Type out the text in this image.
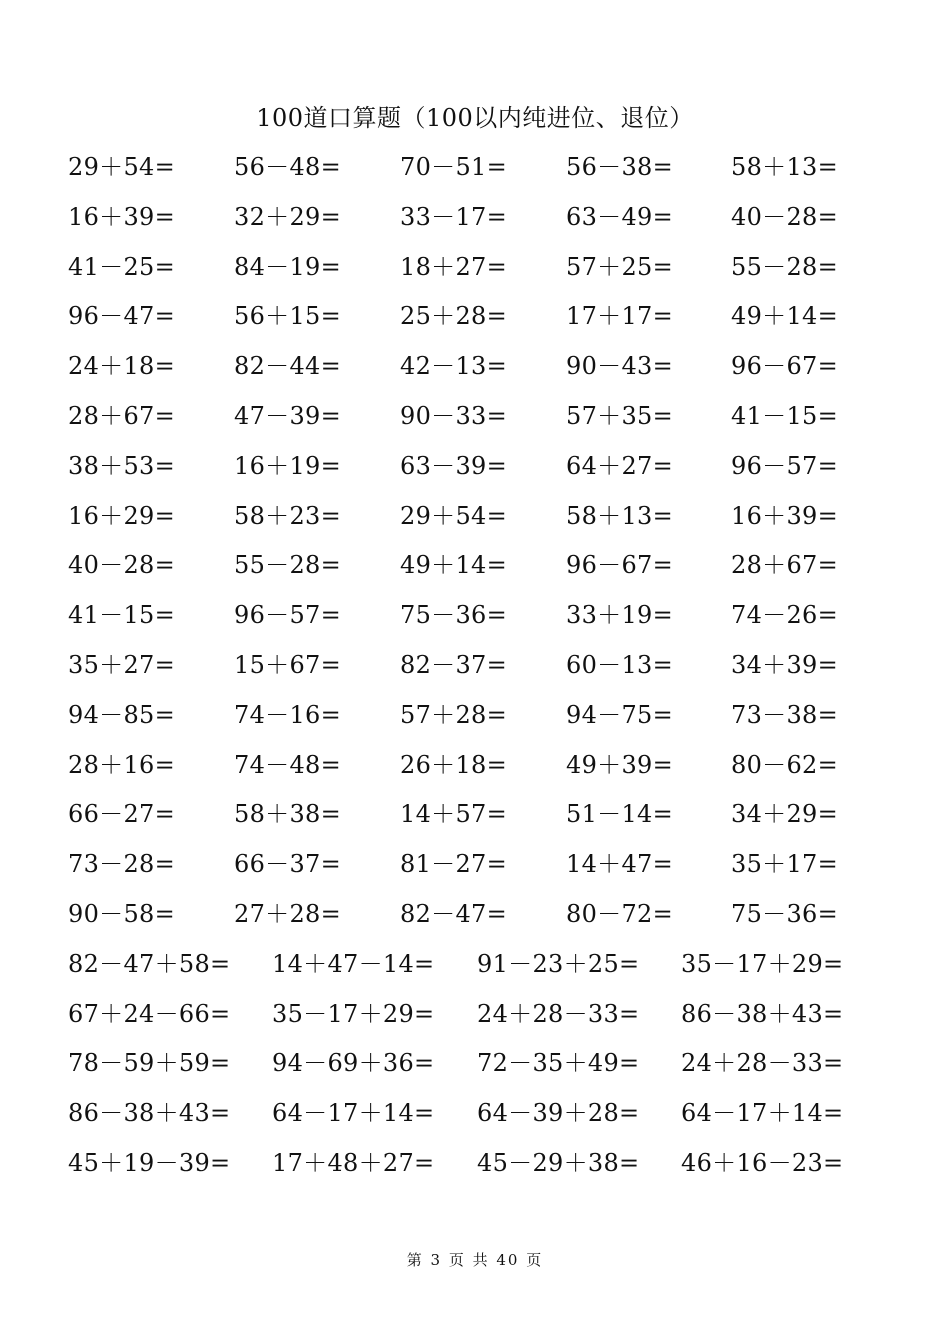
100道口算题（100以内纯进位、退位）
29＋54= 56－48= 70－51= 56－38= 58＋13=
16＋39= 32＋29= 33－17= 63－49= 40－28=
41－25= 84－19= 18＋27= 57＋25= 55－28=
96－47= 56＋15= 25＋28= 17＋17= 49＋14=
24＋18= 82－44= 42－13= 90－43= 96－67=
28＋67= 47－39= 90－33= 57＋35= 41－15=
38＋53= 16＋19= 63－39= 64＋27= 96－57=
16＋29= 58＋23= 29＋54= 58＋13= 16＋39=
40－28= 55－28= 49＋14= 96－67= 28＋67=
41－15= 96－57= 75－36= 33＋19= 74－26=
35＋27= 15＋67= 82－37= 60－13= 34＋39=
94－85= 74－16= 57＋28= 94－75= 73－38=
28＋16= 74－48= 26＋18= 49＋39= 80－62=
66－27= 58＋38= 14＋57= 51－14= 34＋29=
73－28= 66－37= 81－27= 14＋47= 35＋17=
90－58= 27＋28= 82－47= 80－72= 75－36=
82－47＋58= 14＋47－14= 91－23＋25= 35－17＋29=
67＋24－66= 35－17＋29= 24＋28－33= 86－38＋43=
78－59＋59= 94－69＋36= 72－35＋49= 24＋28－33=
86－38＋43= 64－17＋14= 64－39＋28= 64－17＋14=
45＋19－39= 17＋48＋27= 45－29＋38= 46＋16－23=
第 3 页 共 40 页
